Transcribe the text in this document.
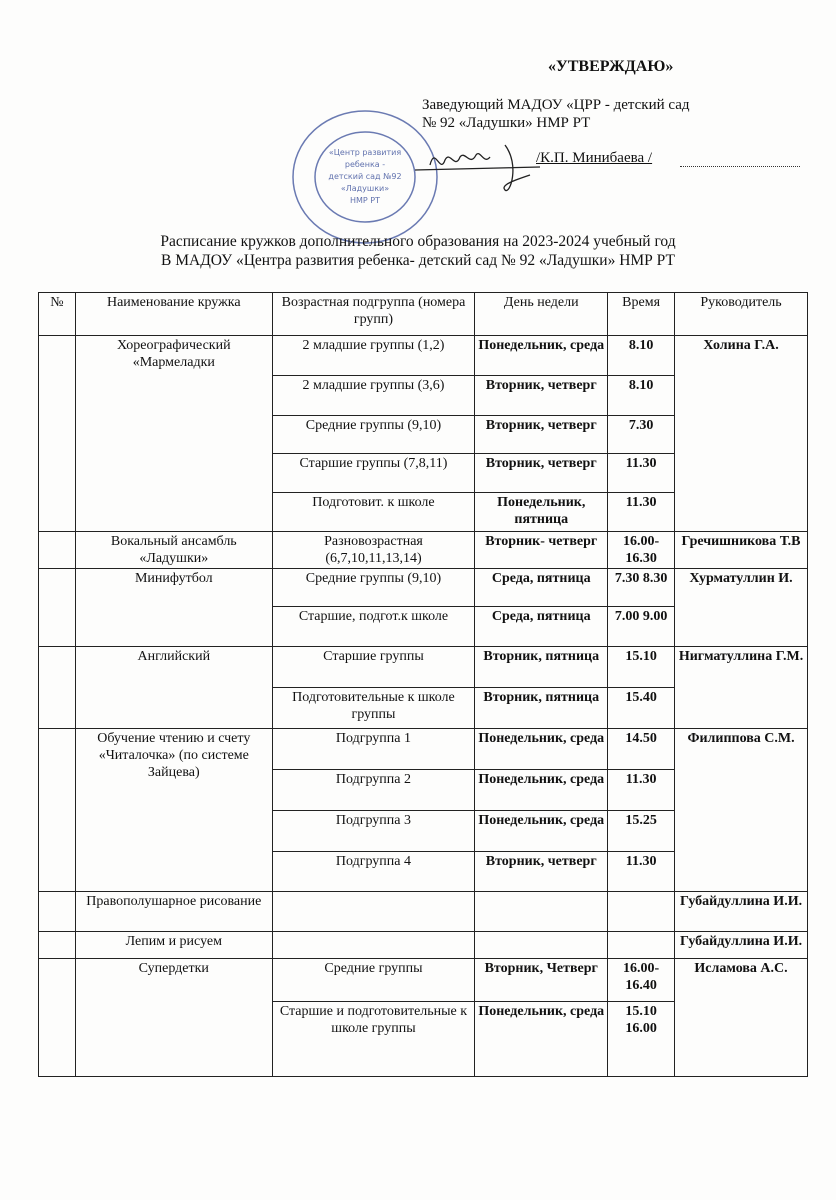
«УТВЕРЖДАЮ»
Заведующий МАДОУ «ЦРР - детский сад
№ 92 «Ладушки» НМР РТ
«Центр развития
ребенка -
детский сад №92
«Ладушки»
НМР РТ
/К.П. Минибаева /
Расписание кружков дополнительного образования на 2023-2024 учебный год
В МАДОУ «Центра развития ребенка- детский сад № 92 «Ладушки» НМР РТ
№	Наименование кружка	Возрастная подгруппа (номера групп)	День недели	Время	Руководитель
	Хореографический «Мармеладки	2 младшие группы (1,2)	Понедельник, среда	8.10	Холина Г.А.
		2 младшие группы (3,6)	Вторник, четверг	8.10	
		Средние группы (9,10)	Вторник, четверг	7.30	
		Старшие группы (7,8,11)	Вторник, четверг	11.30	
		Подготовит. к школе	Понедельник, пятница	11.30	
	Вокальный ансамбль «Ладушки»	Разновозрастная (6,7,10,11,13,14)	Вторник- четверг	16.00- 16.30	Гречишникова Т.В
	Минифутбол	Средние группы (9,10)	Среда, пятница	7.30 8.30	Хурматуллин И.
		Старшие, подгот.к школе	Среда, пятница	7.00 9.00	
	Английский	Старшие группы	Вторник, пятница	15.10	Нигматуллина Г.М.
		Подготовительные к школе группы	Вторник, пятница	15.40	
	Обучение чтению и счету «Читалочка» (по системе Зайцева)	Подгруппа 1	Понедельник, среда	14.50	Филиппова С.М.
		Подгруппа 2	Понедельник, среда	11.30	
		Подгруппа 3	Понедельник, среда	15.25	
		Подгруппа 4	Вторник, четверг	11.30	
	Правополушарное рисование				Губайдуллина И.И.
	Лепим и рисуем				Губайдуллина И.И.
	Супердетки	Средние группы	Вторник, Четверг	16.00- 16.40	Исламова А.С.
		Старшие и подготовительные к школе группы	Понедельник, среда	15.10 16.00	
